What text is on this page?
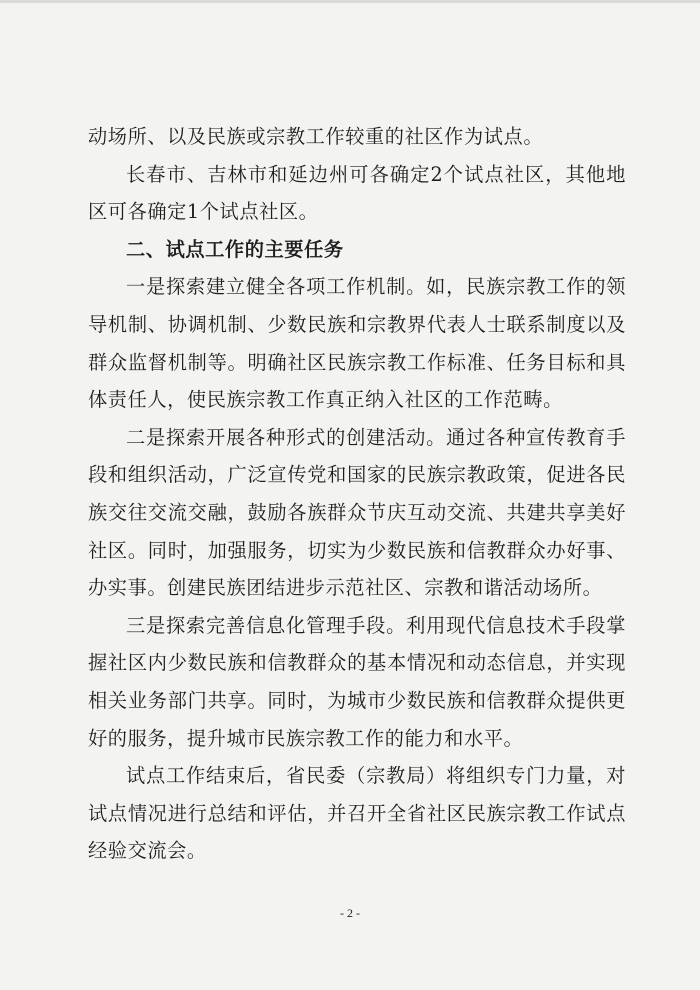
动场所、以及民族或宗教工作较重的社区作为试点。

长春市、吉林市和延边州可各确定2个试点社区，其他地区可各确定1个试点社区。

二、试点工作的主要任务

一是探索建立健全各项工作机制。如，民族宗教工作的领导机制、协调机制、少数民族和宗教界代表人士联系制度以及群众监督机制等。明确社区民族宗教工作标准、任务目标和具体责任人，使民族宗教工作真正纳入社区的工作范畴。

二是探索开展各种形式的创建活动。通过各种宣传教育手段和组织活动，广泛宣传党和国家的民族宗教政策，促进各民族交往交流交融，鼓励各族群众节庆互动交流、共建共享美好社区。同时，加强服务，切实为少数民族和信教群众办好事、办实事。创建民族团结进步示范社区、宗教和谐活动场所。

三是探索完善信息化管理手段。利用现代信息技术手段掌握社区内少数民族和信教群众的基本情况和动态信息，并实现相关业务部门共享。同时，为城市少数民族和信教群众提供更好的服务，提升城市民族宗教工作的能力和水平。

试点工作结束后，省民委（宗教局）将组织专门力量，对试点情况进行总结和评估，并召开全省社区民族宗教工作试点经验交流会。

- 2 -
